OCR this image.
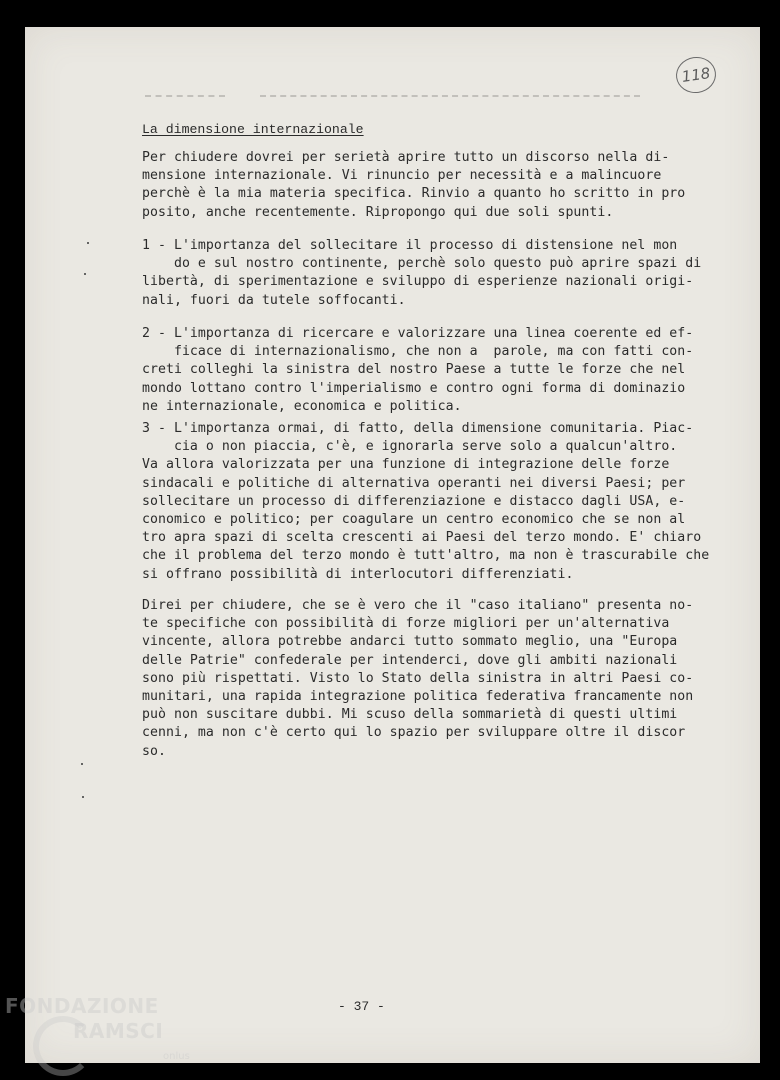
118
La dimensione internazionale
Per chiudere dovrei per serietà aprire tutto un discorso nella di-
mensione internazionale. Vi rinuncio per necessità e a malincuore
perchè è la mia materia specifica. Rinvio a quanto ho scritto in pro
posito, anche recentemente. Ripropongo qui due soli spunti.
1 - L'importanza del sollecitare il processo di distensione nel mon
do e sul nostro continente, perchè solo questo può aprire spazi di
libertà, di sperimentazione e sviluppo di esperienze nazionali origi-
nali, fuori da tutele soffocanti.
2 - L'importanza di ricercare e valorizzare una linea coerente ed ef-
ficace di internazionalismo, che non a  parole, ma con fatti con-
creti colleghi la sinistra del nostro Paese a tutte le forze che nel
mondo lottano contro l'imperialismo e contro ogni forma di dominazio
ne internazionale, economica e politica.
3 - L'importanza ormai, di fatto, della dimensione comunitaria. Piac-
cia o non piaccia, c'è, e ignorarla serve solo a qualcun'altro.
Va allora valorizzata per una funzione di integrazione delle forze
sindacali e politiche di alternativa operanti nei diversi Paesi; per
sollecitare un processo di differenziazione e distacco dagli USA, e-
conomico e politico; per coagulare un centro economico che se non al
tro apra spazi di scelta crescenti ai Paesi del terzo mondo. E' chiaro
che il problema del terzo mondo è tutt'altro, ma non è trascurabile che
si offrano possibilità di interlocutori differenziati.
Direi per chiudere, che se è vero che il "caso italiano" presenta no-
te specifiche con possibilità di forze migliori per un'alternativa
vincente, allora potrebbe andarci tutto sommato meglio, una "Europa
delle Patrie" confederale per intenderci, dove gli ambiti nazionali
sono più rispettati. Visto lo Stato della sinistra in altri Paesi co-
munitari, una rapida integrazione politica federativa francamente non
può non suscitare dubbi. Mi scuso della sommarietà di questi ultimi
cenni, ma non c'è certo qui lo spazio per sviluppare oltre il discor
so.
- 37 -
FONDAZIONE
RAMSCI
onlus
